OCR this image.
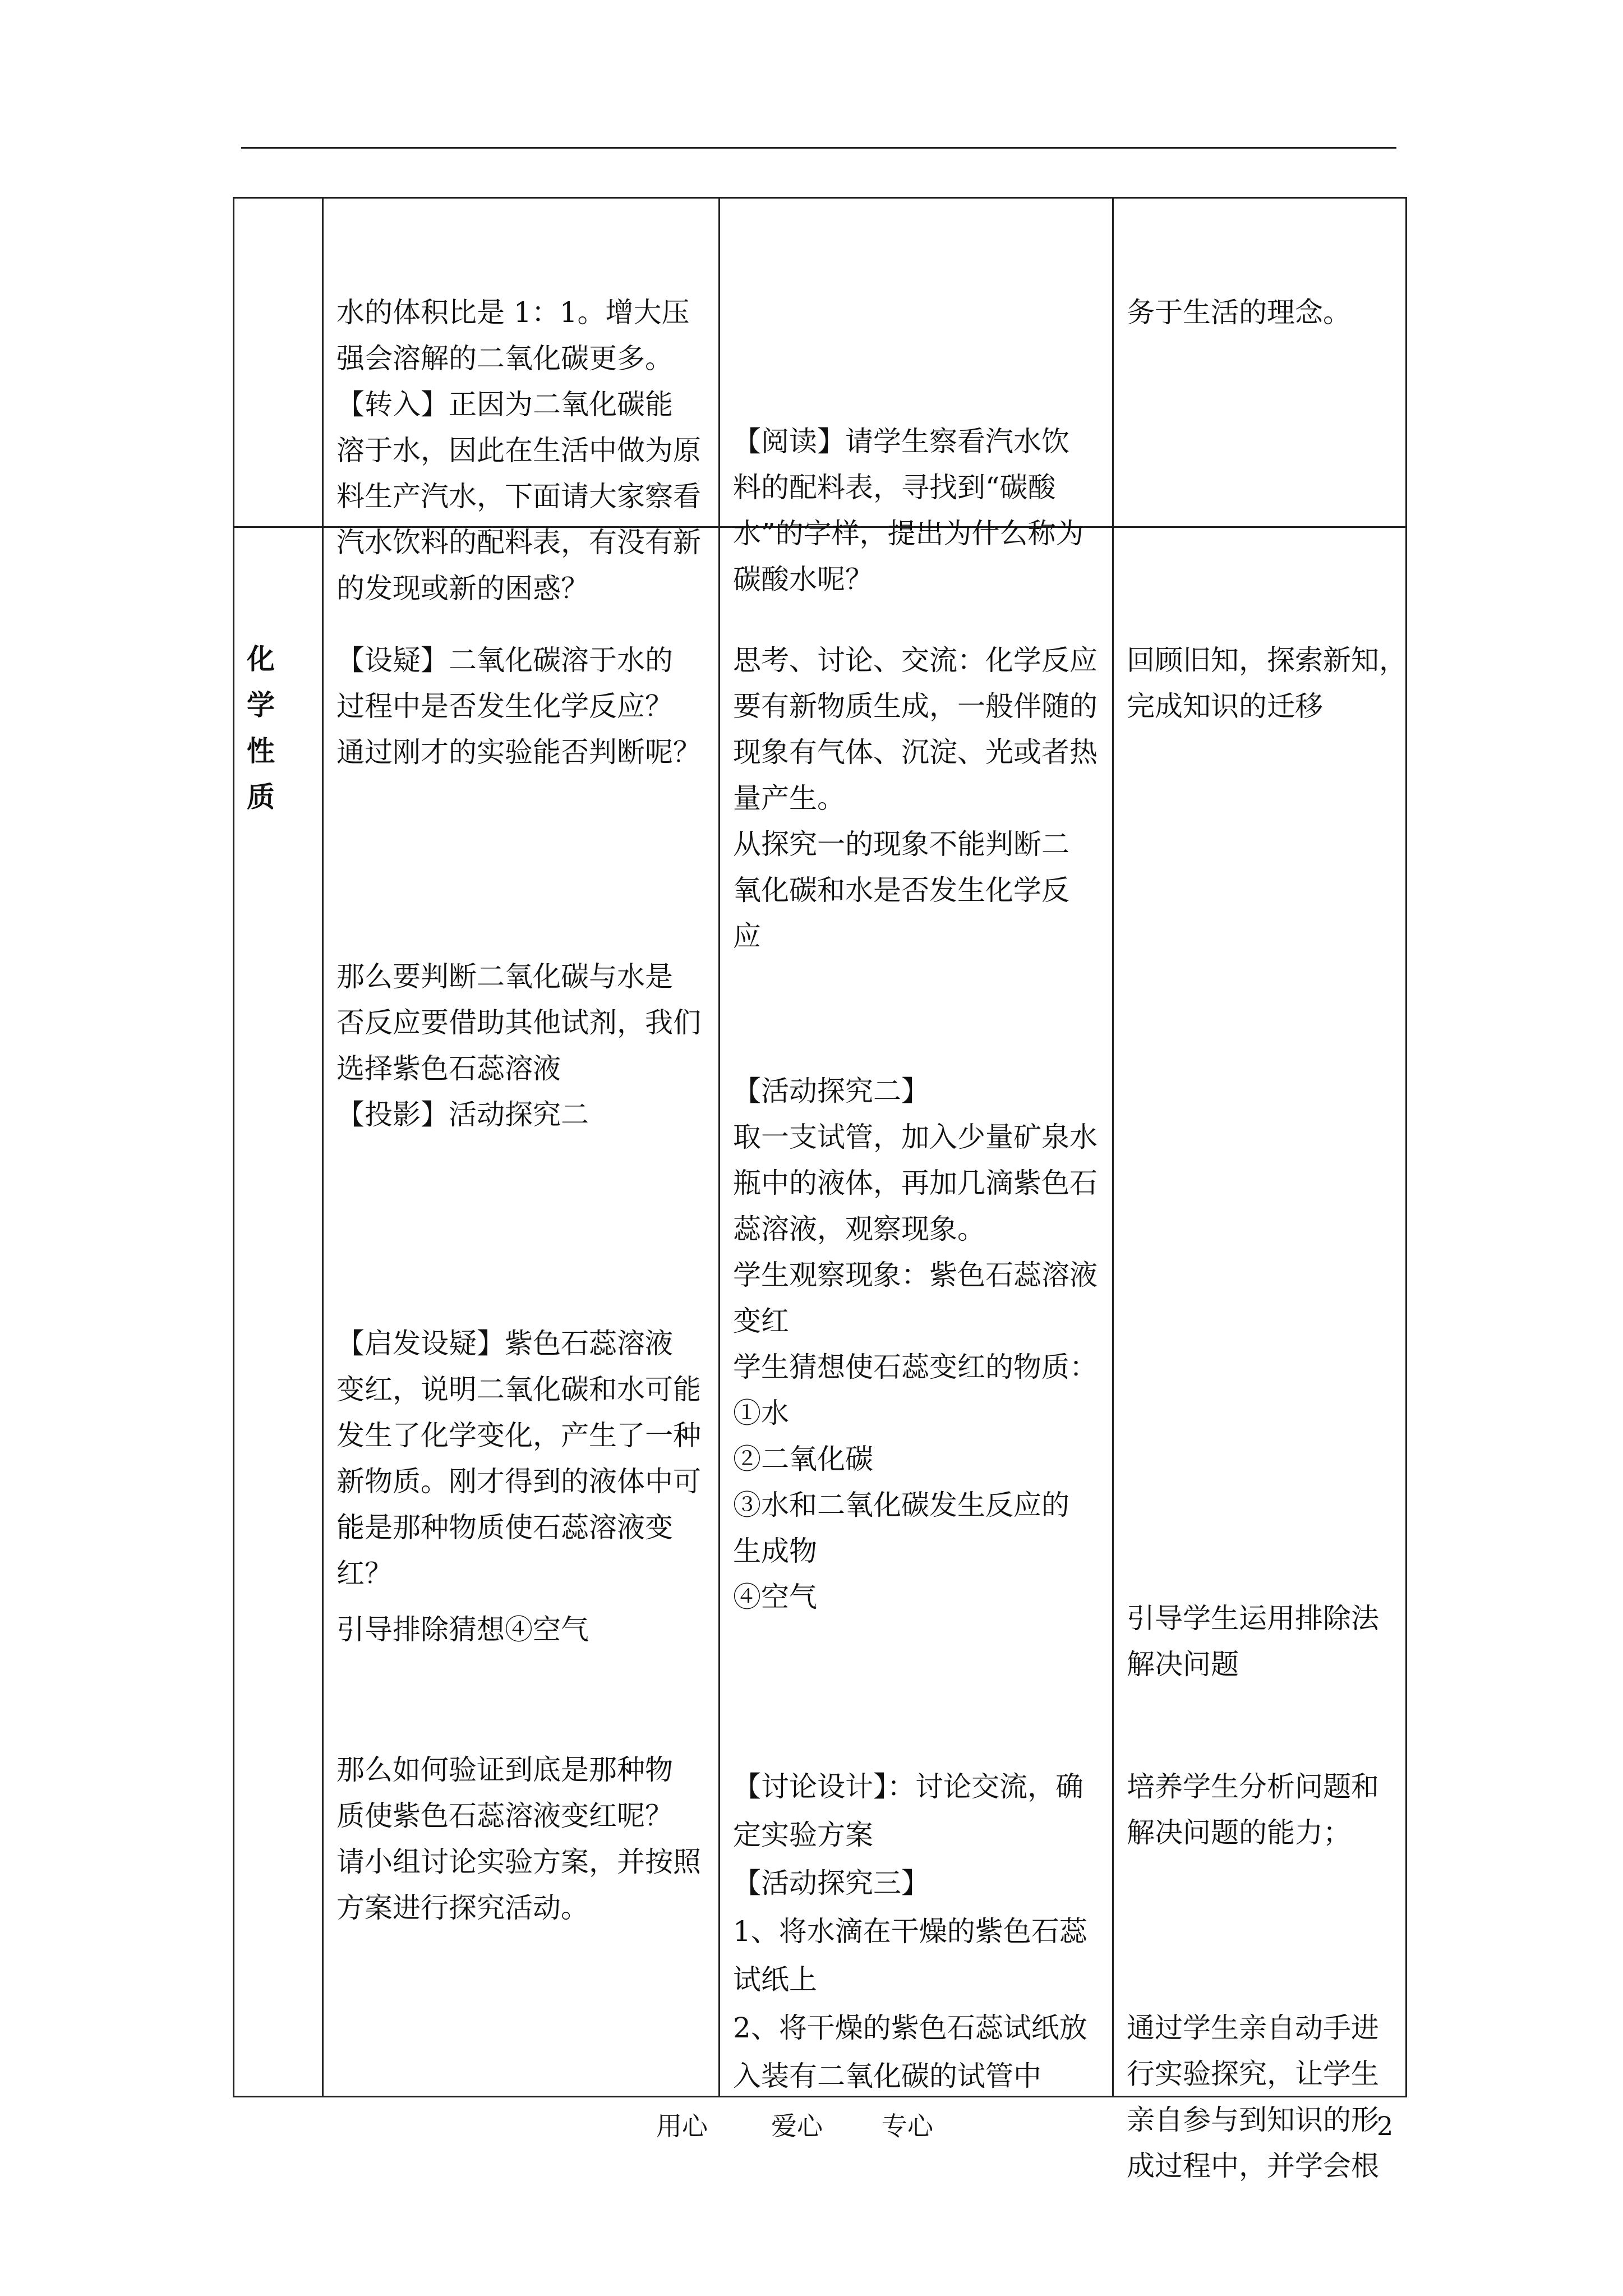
水的体积比是 1：1。增大压
强会溶解的二氧化碳更多。
【转入】正因为二氧化碳能
溶于水，因此在生活中做为原
料生产汽水，下面请大家察看
汽水饮料的配料表，有没有新
的发现或新的困惑？

【阅读】请学生察看汽水饮
料的配料表，寻找到“碳酸
水”的字样，提出为什么称为
碳酸水呢？

务于生活的理念。

化
学
性
质

【设疑】二氧化碳溶于水的
过程中是否发生化学反应？
通过刚才的实验能否判断呢？

那么要判断二氧化碳与水是
否反应要借助其他试剂，我们
选择紫色石蕊溶液
【投影】活动探究二

【启发设疑】紫色石蕊溶液
变红，说明二氧化碳和水可能
发生了化学变化，产生了一种
新物质。刚才得到的液体中可
能是那种物质使石蕊溶液变
红？

引导排除猜想④空气

那么如何验证到底是那种物
质使紫色石蕊溶液变红呢？
请小组讨论实验方案，并按照
方案进行探究活动。

思考、讨论、交流：化学反应
要有新物质生成，一般伴随的
现象有气体、沉淀、光或者热
量产生。
从探究一的现象不能判断二
氧化碳和水是否发生化学反
应

【活动探究二】
取一支试管，加入少量矿泉水
瓶中的液体，再加几滴紫色石
蕊溶液，观察现象。
学生观察现象：紫色石蕊溶液
变红
学生猜想使石蕊变红的物质：
①水
②二氧化碳
③水和二氧化碳发生反应的
生成物
④空气

【讨论设计】：讨论交流，确
定实验方案
【活动探究三】
1、将水滴在干燥的紫色石蕊
试纸上
2、将干燥的紫色石蕊试纸放
入装有二氧化碳的试管中

回顾旧知，探索新知，
完成知识的迁移

引导学生运用排除法
解决问题

培养学生分析问题和
解决问题的能力；

通过学生亲自动手进
行实验探究，让学生
亲自参与到知识的形
成过程中，并学会根

用心 爱心 专心	2
